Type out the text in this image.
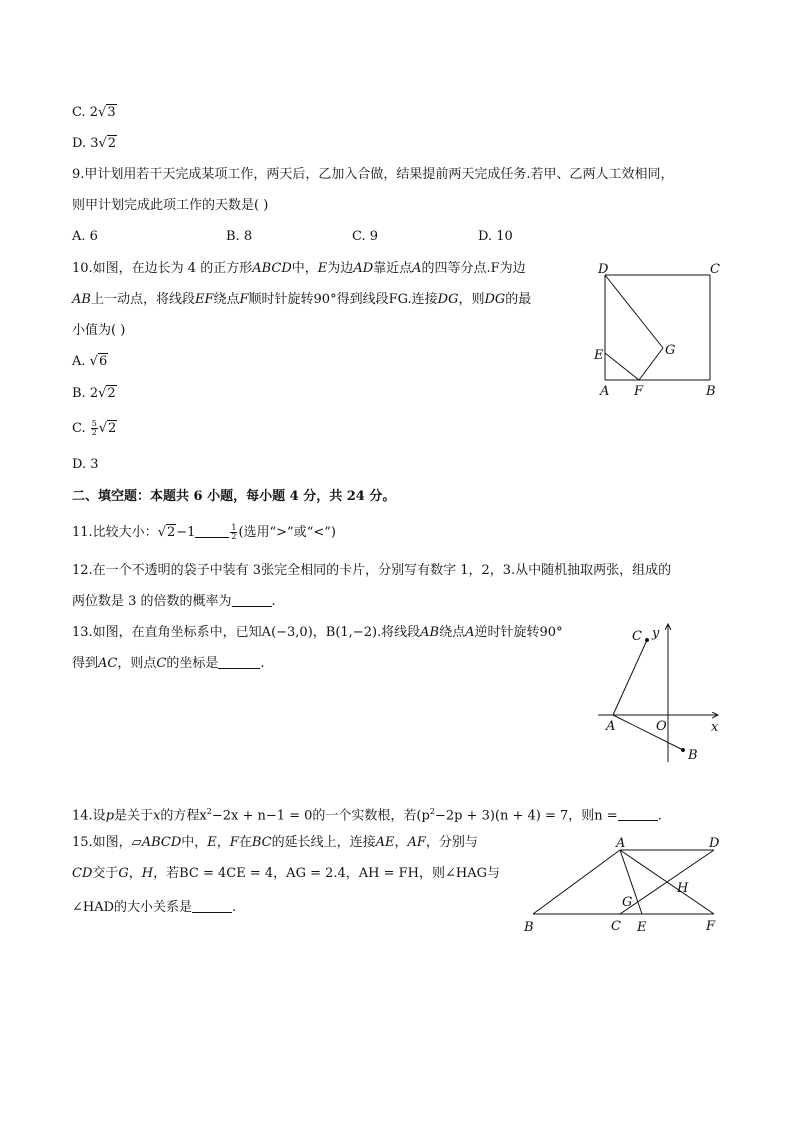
C. 2√3
D. 3√2
9.甲计划用若干天完成某项工作，两天后，乙加入合做，结果提前两天完成任务.若甲、乙两人工效相同，
则甲计划完成此项工作的天数是( )
A. 6	B. 8	C. 9	D. 10
10.如图，在边长为 4 的正方形ABCD中，E为边AD靠近点A的四等分点.F为边
AB上一动点，将线段EF绕点F顺时针旋转90°得到线段FG.连接DG，则DG的最
小值为( )
A. √6
B. 2√2
C. $\frac{5}{2} √2$
D. 3
D	C
E	G
A F	B
二、填空题：本题共 6 小题，每小题 4 分，共 24 分。
11.比较大小：√2−1	$\frac{1}{2}$ (选用“>”或“<”)
12.在一个不透明的袋子中装有 3张完全相同的卡片，分别写有数字 1，2，3.从中随机抽取两张，组成的
两位数是 3 的倍数的概率为	.
13.如图，在直角坐标系中，已知A(−3,0)，B(1,−2).将线段AB绕点A逆时针旋转90°
得到AC，则点C的坐标是	.
C y
A	O	x
B
14.设p是关于x的方程$x^2-2x + n-1 = 0$的一个实数根，若$(p^2-2p + 3)(n + 4) = 7$，则n =	.
15.如图，▱ABCD中，E，F在BC的延长线上，连接AE，AF，分别与
CD交于G，H，若BC = 4CE = 4，AG = 2.4，AH = FH，则∠HAG与
∠HAD的大小关系是	.
A	D
H
G
B	C E	F
